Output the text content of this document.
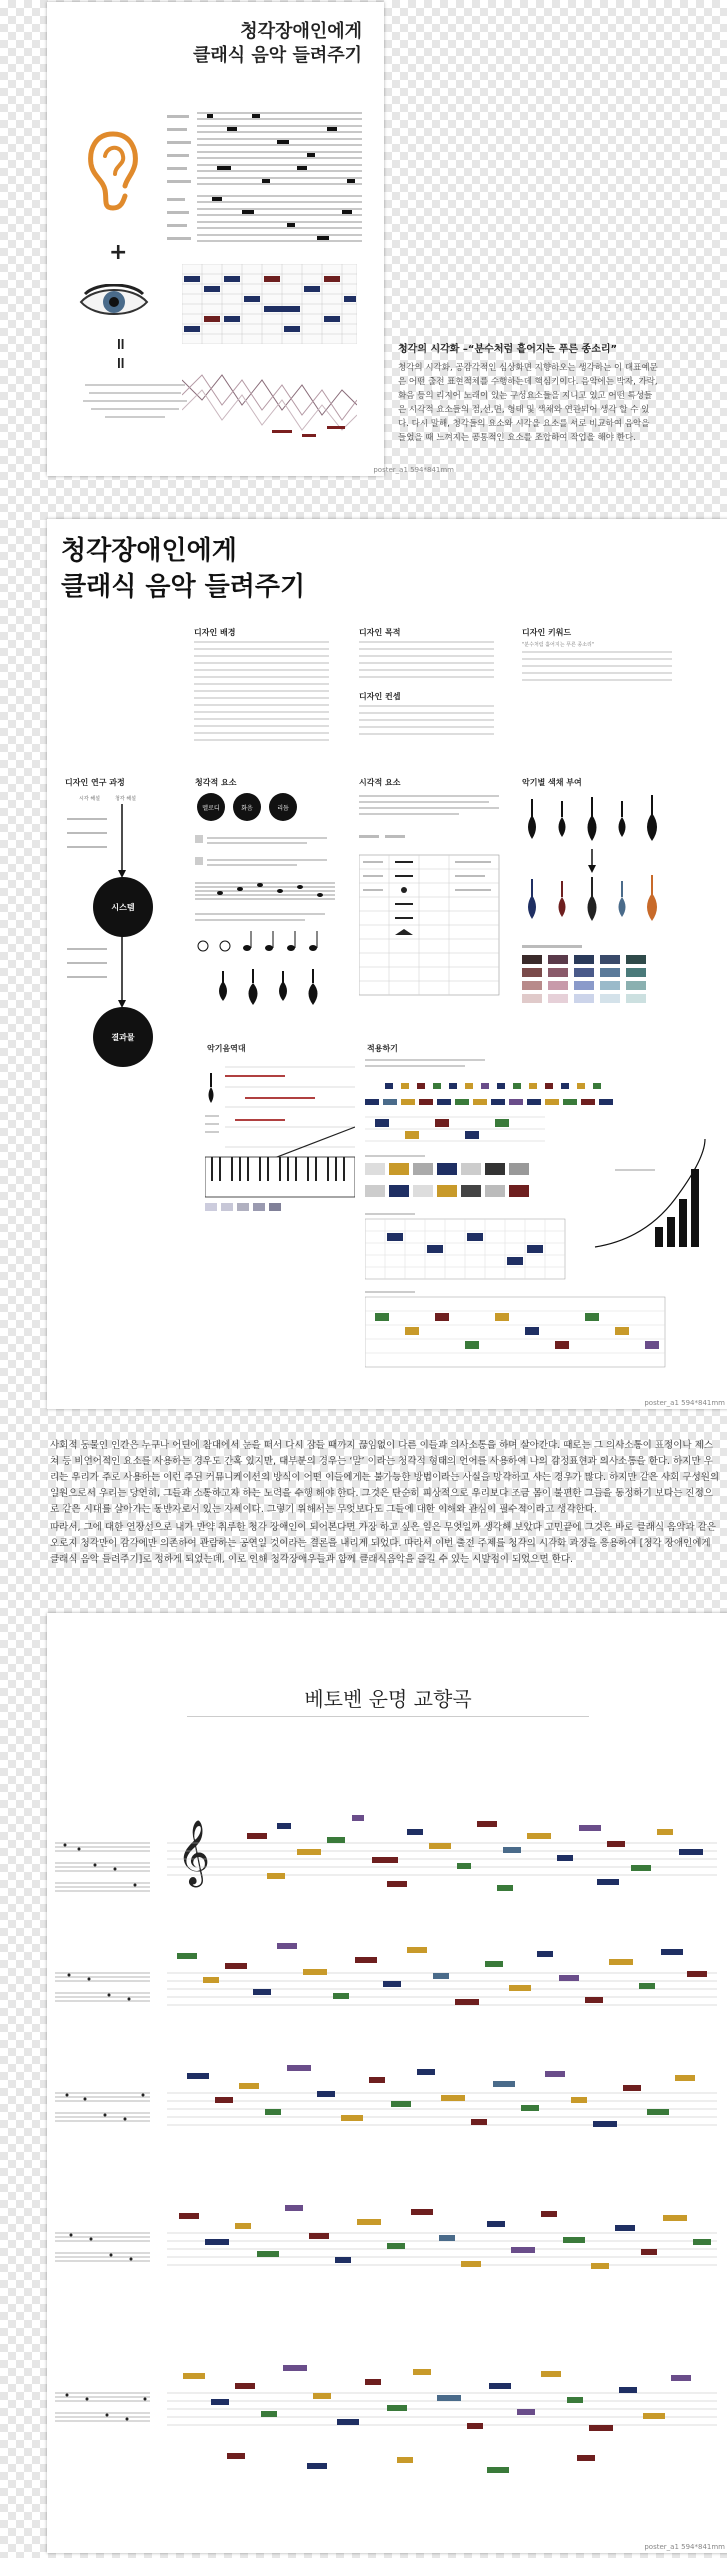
청각장애인에게
클래식 음악 들려주기
+
= =
poster_a1 594*841mm
청각의 시각화 –“분수처럼 흩어지는 푸른 종소리”
청각의 시각화, 공감각적인 심상화면 지향하오는 생각하는 이 대표예문은 어떤 출전 표현적체를 수행하는데 핵심키이다. 음악에는 박자, 가락, 화음 등의 리지어 노래이 있는 구성요소들을 지니고 있고 어떤 특성들은 시각적 요소들의 점,선,면, 형태 및 색채와 연관되어 생각 할 수 있다. 다시 말해, 청각들의 요소와 시각을 요소를 서로 비교하여 음악을 들었을 때 느껴지는 공통적인 요소를 조합하여 작업을 해야 한다.
청각장애인에게
클래식 음악 들려주기
디자인 배경	디자인 목적
디자인 컨셉
디자인 키워드
"분수처럼 흩어지는 푸른 종소리"
디자인 연구 과정	청각적 요소	시각적 요소	악기별 색채 부여
시각 해설	청각 해설
시스템
결과물
멜로디	화음	리듬
악기음역대	적용하기
poster_a1 594*841mm

사회적 동물인 인간은 누구나 어딘에 참대에서 눈을 떠서 다시 잠들 때까지 끊임없이 다른 이들과 의사소통을 하며 살아간다. 때로는 그 의사소통이 표정이나 제스쳐 등 비언어적인 요소를 사용하는 경우도 간혹 있지만, 대부분의 경우는 ‘말’ 이라는 청각적 형태의 언어를 사용하여 나의 감정표현과 의사소통을 한다. 하지만 우리는 우리가 주로 사용하는 이런 주된 커뮤니케이션의 방식이 어떤 이들에게는 불가능한 방법이라는 사실을 망각하고 사는 경우가 많다. 하지만 같은 사회 구성원의 일원으로서 우리는 당연히, 그들과 소통하고자 하는 노력을 수행 해야 한다. 그것은 단순히 피상적으로 우리보다 조금 몸이 불편한 그들을 동정하기 보다는 진정으로 같은 시대를 살아가는 동반자로서 있는 자세이다. 그렇기 위해서는 무엇보다도 그들에 대한 이해와 관심이 필수적이라고 생각한다.

따라서, 그에 대한 연장선으로 내가 만약 취루한 청각 장애인이 되어본다면 가장 하고 싶은 일은 무엇일까 생각해 보았다 고민끝에 그것은 바로 클래식 음악과 같은 오로지 청각만이 감각에만 의존하여 관람하는 공연일 것이라는 결론을 내리게 되었다. 따라서 이번 출전 주제를 청각의 시각화 과정을 응용하여 [청각 장애인에게 클래식 음악 들려주기]로 정하게 되었는데, 이로 인해 청각장애우들과 함께 클래식음악을 즐길 수 있는 시발점이 되었으면 한다.

베토벤 운명 교향곡
𝄞
poster_a1 594*841mm
